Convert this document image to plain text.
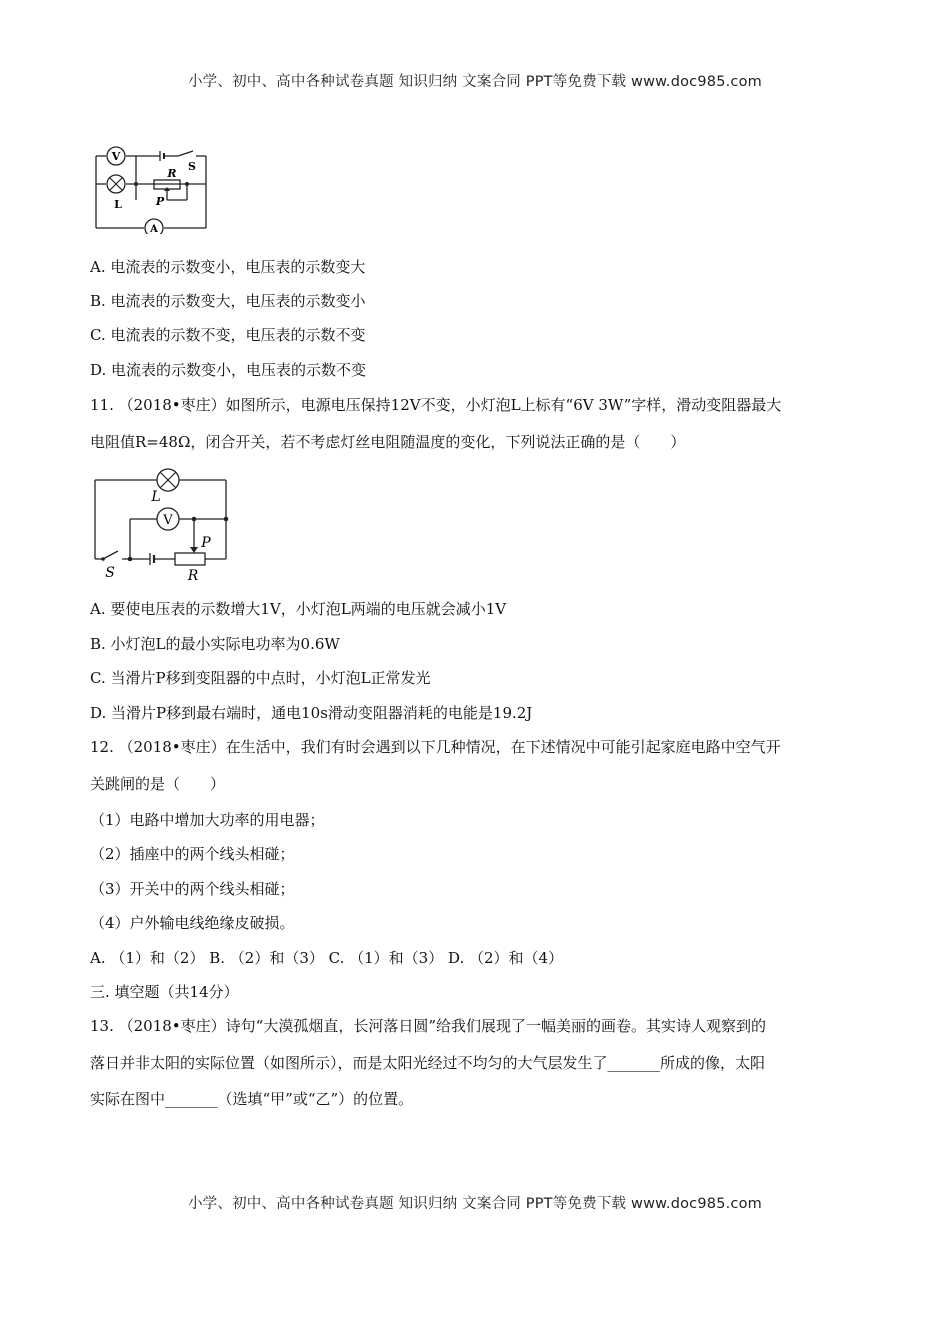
小学、初中、高中各种试卷真题 知识归纳 文案合同 PPT等免费下载 www.doc985.com
V
S
R
P
L
A
A. 电流表的示数变小，电压表的示数变大
B. 电流表的示数变大，电压表的示数变小
C. 电流表的示数不变，电压表的示数不变
D. 电流表的示数变小，电压表的示数不变
11. （2018•枣庄）如图所示，电源电压保持12V不变，小灯泡L上标有“6V 3W”字样，滑动变阻器最大
电阻值R=48Ω，闭合开关，若不考虑灯丝电阻随温度的变化，下列说法正确的是（　　）
L
V
P
S	R
A. 要使电压表的示数增大1V，小灯泡L两端的电压就会减小1V
B. 小灯泡L的最小实际电功率为0.6W
C. 当滑片P移到变阻器的中点时，小灯泡L正常发光
D. 当滑片P移到最右端时，通电10s滑动变阻器消耗的电能是19.2J
12. （2018•枣庄）在生活中，我们有时会遇到以下几种情况，在下述情况中可能引起家庭电路中空气开
关跳闸的是（　　）
（1）电路中增加大功率的用电器；
（2）插座中的两个线头相碰；
（3）开关中的两个线头相碰；
（4）户外输电线绝缘皮破损。
A. （1）和（2） B. （2）和（3） C. （1）和（3） D. （2）和（4）
三. 填空题（共14分）
13. （2018•枣庄）诗句“大漠孤烟直，长河落日圆”给我们展现了一幅美丽的画卷。其实诗人观察到的
落日并非太阳的实际位置（如图所示），而是太阳光经过不均匀的大气层发生了_______所成的像，太阳
实际在图中_______（选填“甲”或“乙”）的位置。
小学、初中、高中各种试卷真题 知识归纳 文案合同 PPT等免费下载 www.doc985.com
